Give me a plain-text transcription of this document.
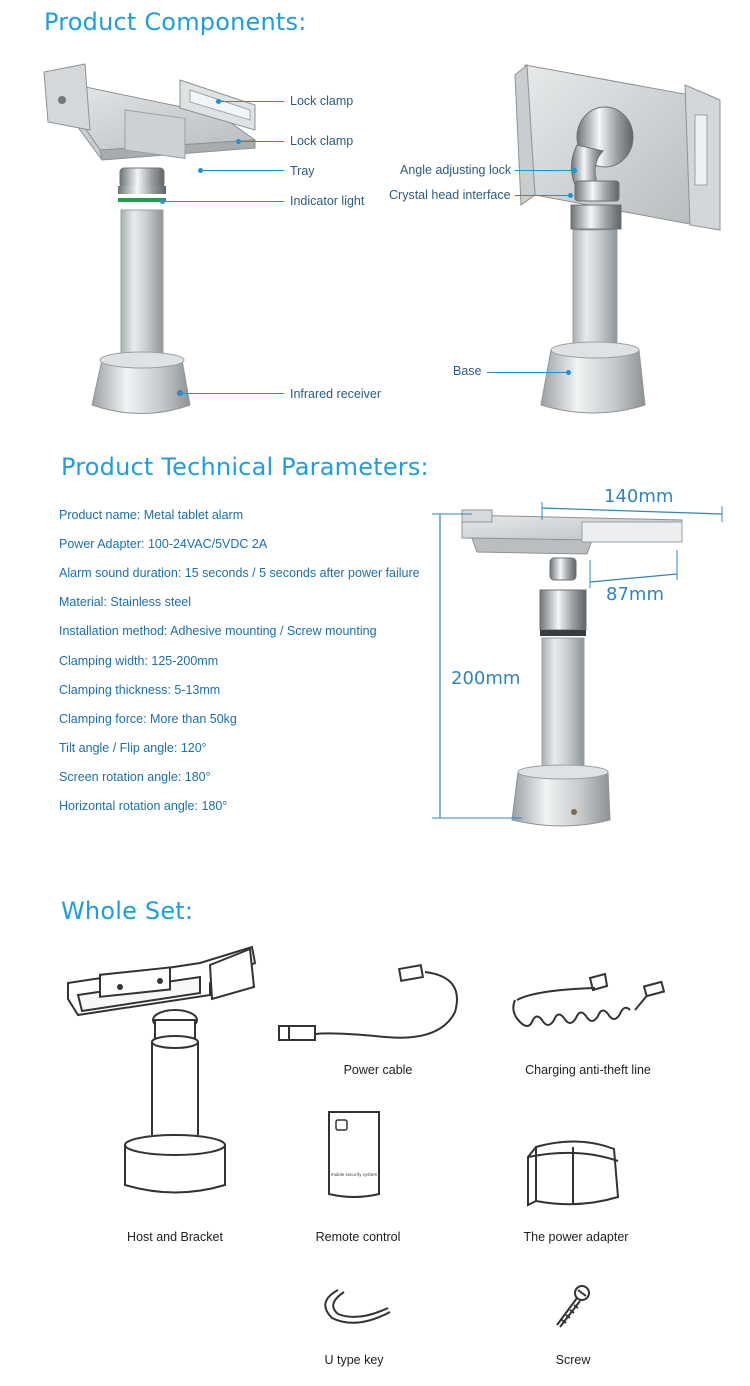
Product Components:
Lock clamp
Lock clamp
Tray
Indicator light
Infrared receiver
Angle adjusting lock
Crystal head interface
Base
Product Technical Parameters:
Product name: Metal tablet alarm
Power Adapter: 100-24VAC/5VDC 2A
Alarm sound duration: 15 seconds / 5 seconds after power failure
Material: Stainless steel
Installation method: Adhesive mounting / Screw mounting
Clamping width: 125-200mm
Clamping thickness: 5-13mm
Clamping force: More than 50kg
Tilt angle / Flip angle: 120°
Screen rotation angle: 180°
Horizontal rotation angle: 180°
140mm
87mm
200mm
Whole Set:
mobile security system
Power cable	Charging anti-theft line
Host and Bracket	Remote control	The power adapter
U type key	Screw
